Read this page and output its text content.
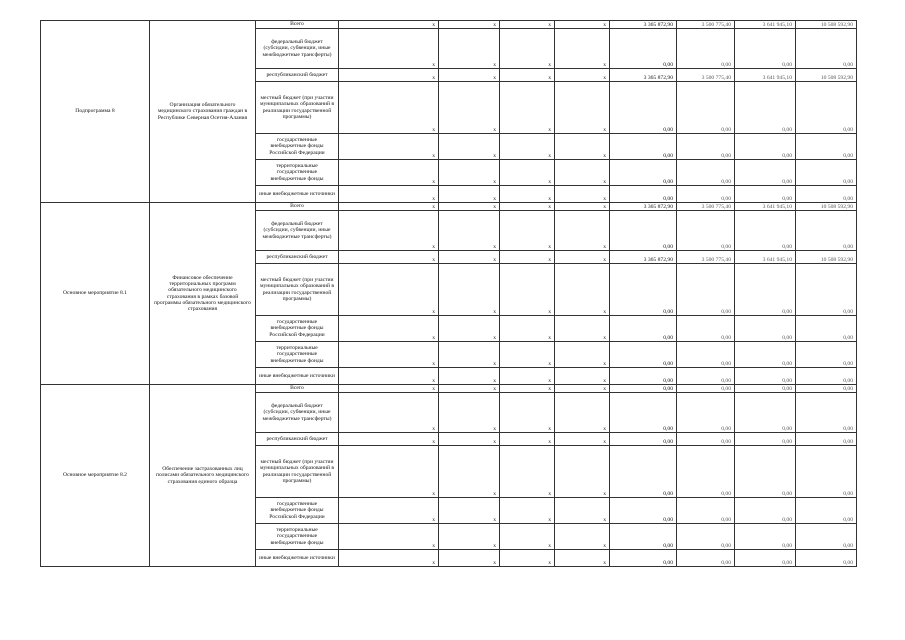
Подпрограмма 8	Организация обязательного медицинского страхования граждан в Республике Северная Осетия-Алания	Всего	х	х	х	х	3 365 872,90	3 500 775,40	3 641 945,10	10 508 592,90
		федеральный бюджет (субсидии, субвенции, иные межбюджетные трансферты)	х	х	х	х	0,00	0,00	0,00	0,00
		республиканский бюджет	х	х	х	х	3 365 872,90	3 500 775,40	3 641 945,10	10 508 592,90
		местный бюджет (при участии муниципальных образований в реализации государственной программы)	х	х	х	х	0,00	0,00	0,00	0,00
		государственные внебюджетные фонды Российской Федерации	х	х	х	х	0,00	0,00	0,00	0,00
		территориальные государственные внебюджетные фонды	х	х	х	х	0,00	0,00	0,00	0,00
		иные внебюджетные источники	х	х	х	х	0,00	0,00	0,00	0,00
Основное мероприятие 8.1	Финансовое обеспечение территориальных программ обязательного медицинского страхования в рамках базовой программы обязательного медицинского страхования	Всего	х	х	х	х	3 365 872,90	3 500 775,40	3 641 945,10	10 508 592,90
		федеральный бюджет (субсидии, субвенции, иные межбюджетные трансферты)	х	х	х	х	0,00	0,00	0,00	0,00
		республиканский бюджет	х	х	х	х	3 365 872,90	3 500 775,40	3 641 945,10	10 508 592,90
		местный бюджет (при участии муниципальных образований в реализации государственной программы)	х	х	х	х	0,00	0,00	0,00	0,00
		государственные внебюджетные фонды Российской Федерации	х	х	х	х	0,00	0,00	0,00	0,00
		территориальные государственные внебюджетные фонды	х	х	х	х	0,00	0,00	0,00	0,00
		иные внебюджетные источники	х	х	х	х	0,00	0,00	0,00	0,00
Основное мероприятие 8.2	Обеспечение застрахованных лиц полисами обязательного медицинского страхования единого образца	Всего	х	х	х	х	0,00	0,00	0,00	0,00
		федеральный бюджет (субсидии, субвенции, иные межбюджетные трансферты)	х	х	х	х	0,00	0,00	0,00	0,00
		республиканский бюджет	х	х	х	х	0,00	0,00	0,00	0,00
		местный бюджет (при участии муниципальных образований в реализации государственной программы)	х	х	х	х	0,00	0,00	0,00	0,00
		государственные внебюджетные фонды Российской Федерации	х	х	х	х	0,00	0,00	0,00	0,00
		территориальные государственные внебюджетные фонды	х	х	х	х	0,00	0,00	0,00	0,00
		иные внебюджетные источники	х	х	х	х	0,00	0,00	0,00	0,00
